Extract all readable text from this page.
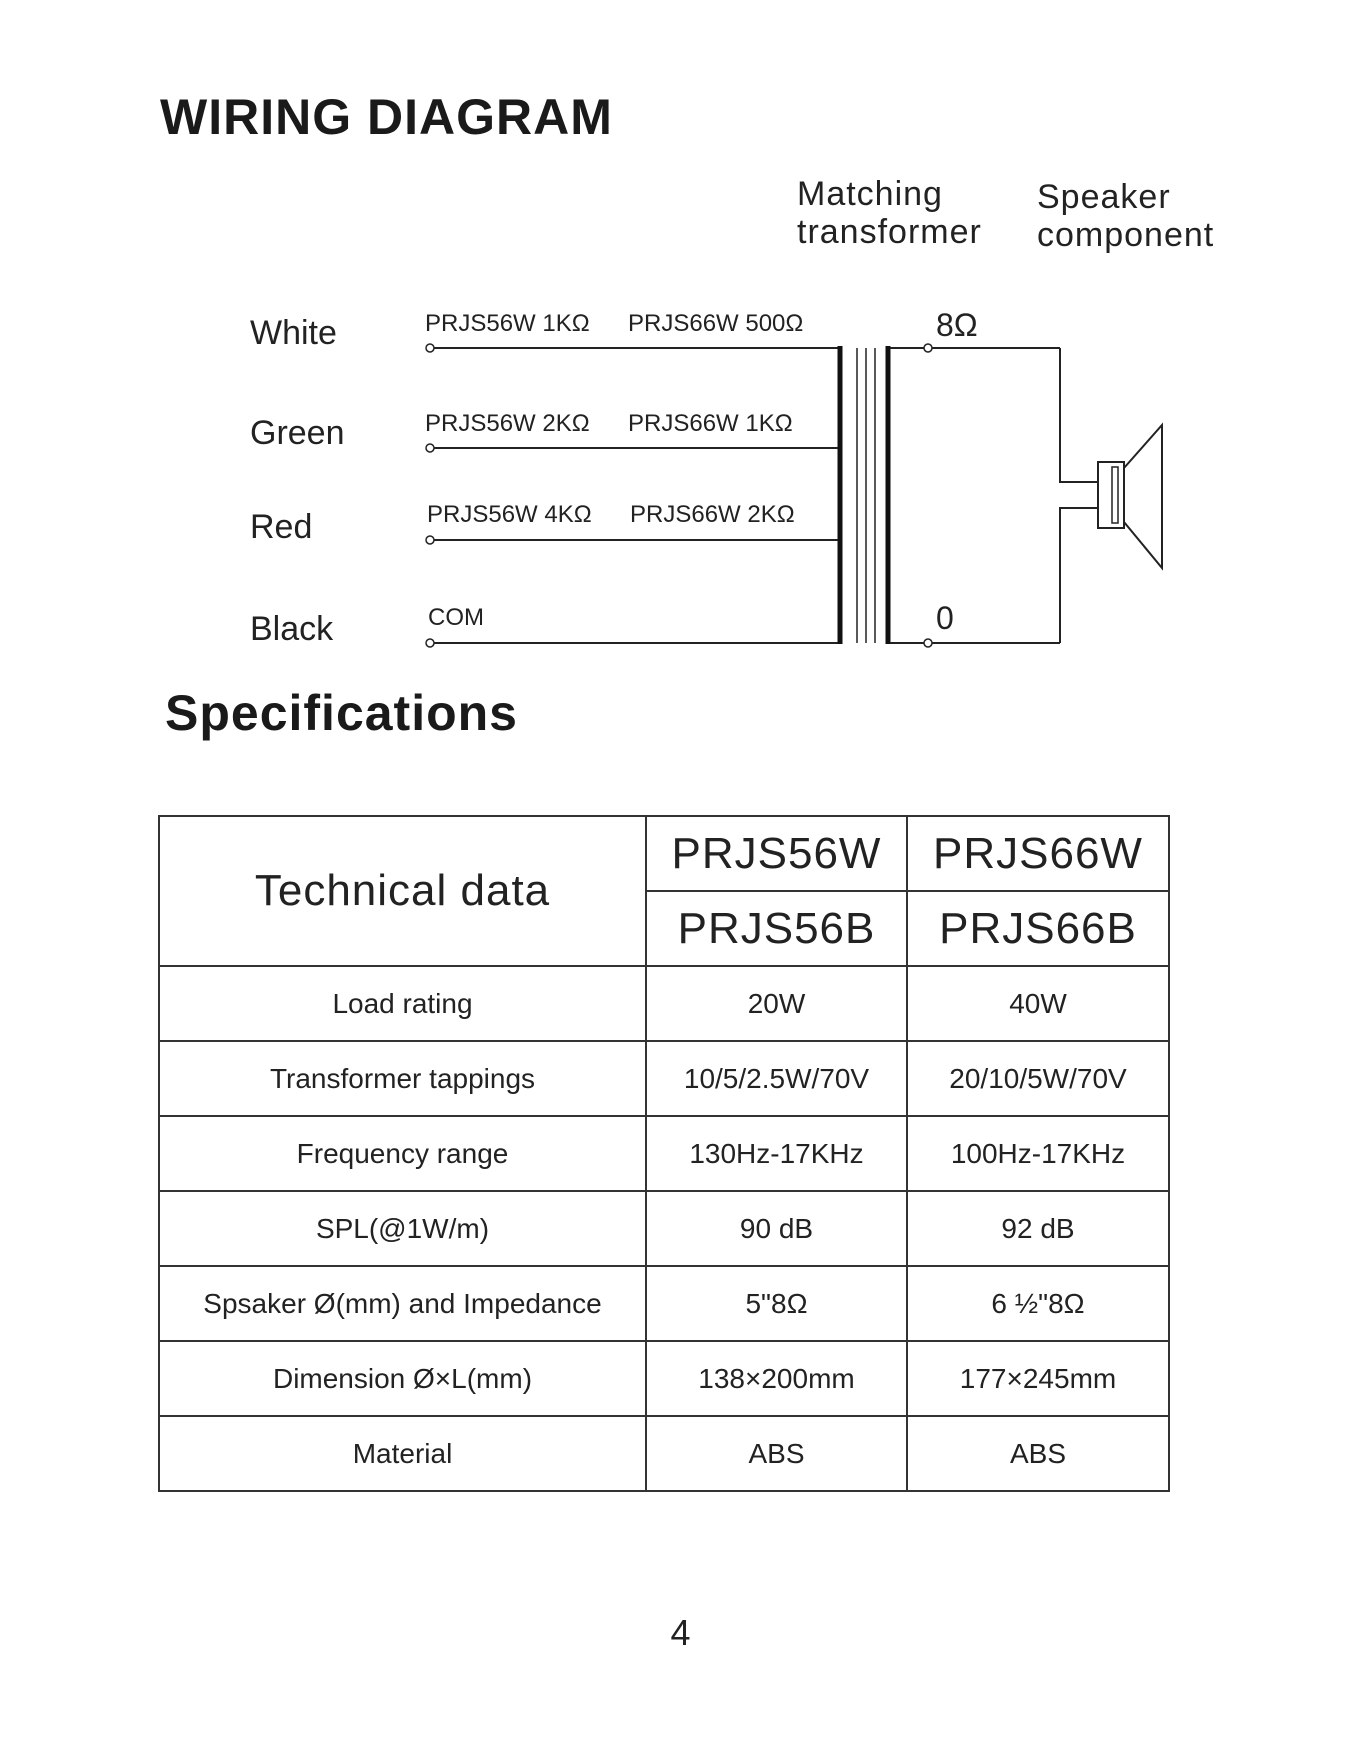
WIRING DIAGRAM
Matching
transformer
Speaker
component
White
Green
Red
Black
PRJS56W 1KΩ PRJS66W 500Ω
PRJS56W 2KΩ PRJS66W 1KΩ
PRJS56W 4KΩ PRJS66W 2KΩ
COM
8Ω
0
Specifications
Technical data	PRJS56W	PRJS66W
	PRJS56B	PRJS66B
Load rating	20W	40W
Transformer tappings	10/5/2.5W/70V	20/10/5W/70V
Frequency range	130Hz-17KHz	100Hz-17KHz
SPL(@1W/m)	90 dB	92 dB
Spsaker Ø(mm) and Impedance	5"8Ω	6 ½"8Ω
Dimension Ø×L(mm)	138×200mm	177×245mm
Material	ABS	ABS
4
